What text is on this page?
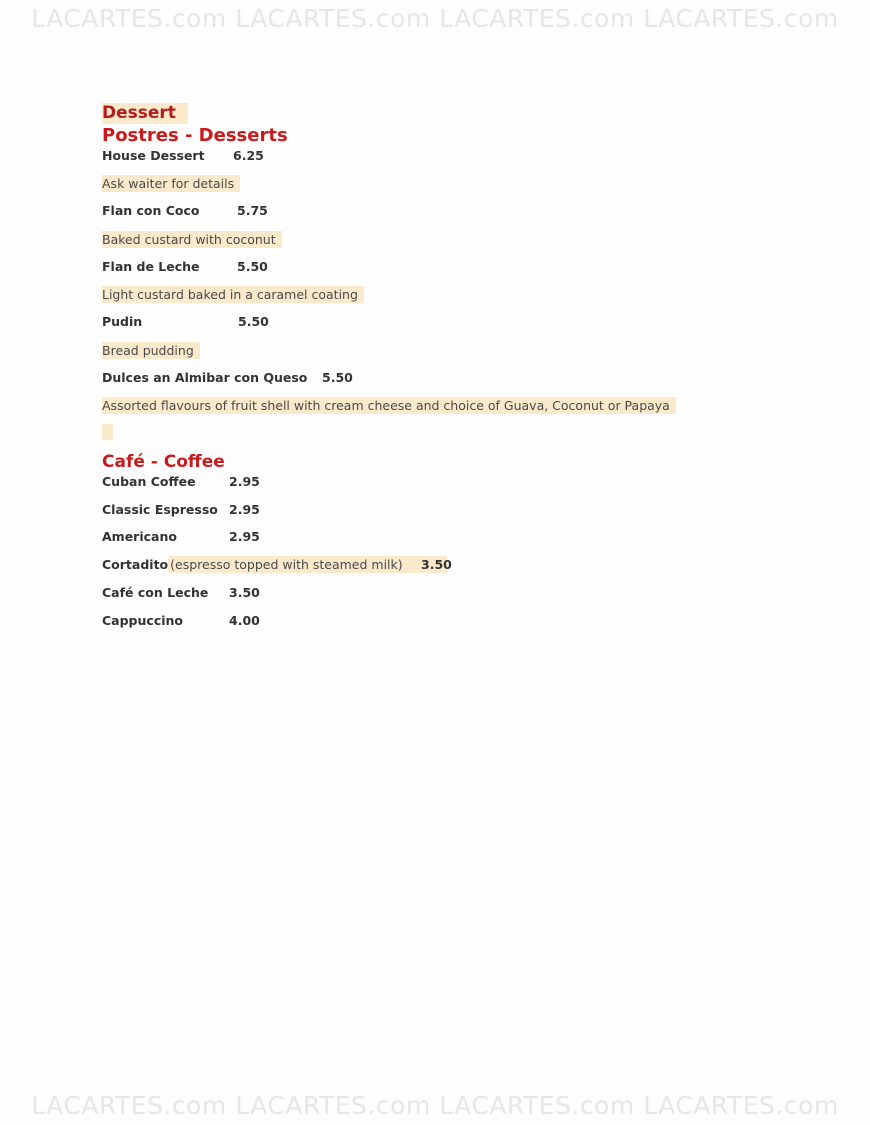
LACARTES.com LACARTES.com LACARTES.com LACARTES.com
Dessert
Postres - Desserts
House Dessert 6.25
Ask waiter for details
Flan con Coco	5.75
Baked custard with coconut
Flan de Leche	5.50
Light custard baked in a caramel coating
Pudin	5.50
Bread pudding
Dulces an Almibar con Queso 5.50
Assorted flavours of fruit shell with cream cheese and choice of Guava, Coconut or Papaya
Café - Coffee
Cuban Coffee	2.95
Classic Espresso 2.95
Americano	2.95
Cortadito (espresso topped with steamed milk)	3.50
Café con Leche 3.50
Cappuccino	4.00
LACARTES.com LACARTES.com LACARTES.com LACARTES.com
